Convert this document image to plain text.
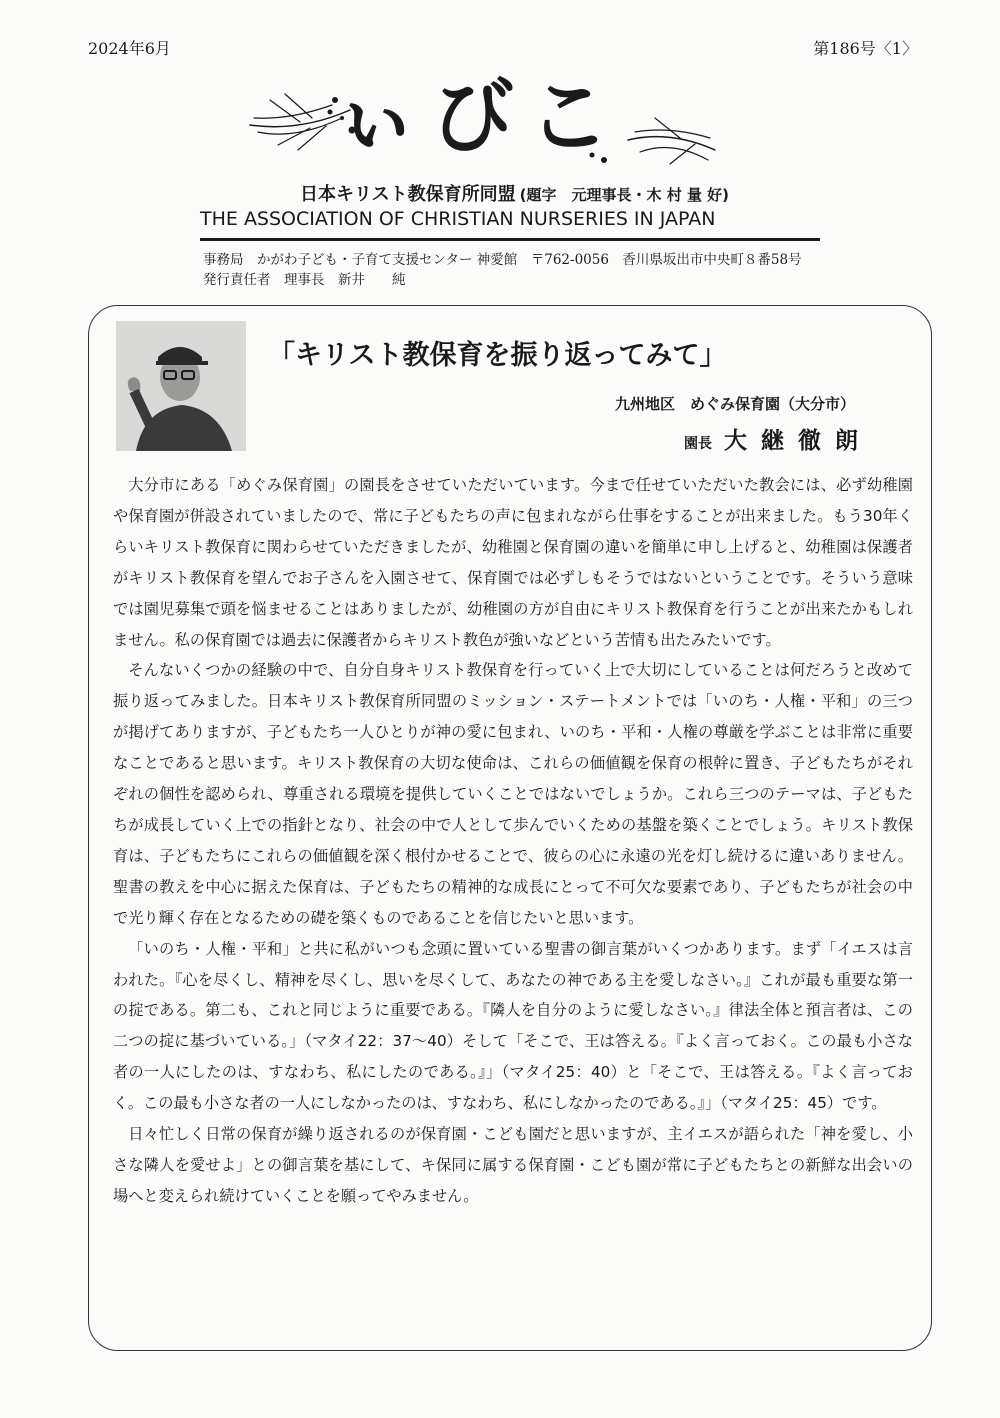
2024年6月	第186号〈1〉
ぃびこ
日本キリスト教保育所同盟 (題字　元理事長・木 村 量 好)
THE ASSOCIATION OF CHRISTIAN NURSERIES IN JAPAN
事務局　かがわ子ども・子育て支援センター 神愛館　〒762-0056　香川県坂出市中央町８番58号
発行責任者　理事長　新井　　純
「キリスト教保育を振り返ってみて」
九州地区　めぐみ保育園（大分市）
園長 大継徹朗

大分市にある「めぐみ保育園」の園長をさせていただいています。今まで任せていただいた教会には、必ず幼稚園や保育園が併設されていましたので、常に子どもたちの声に包まれながら仕事をすることが出来ました。もう30年くらいキリスト教保育に関わらせていただきましたが、幼稚園と保育園の違いを簡単に申し上げると、幼稚園は保護者がキリスト教保育を望んでお子さんを入園させて、保育園では必ずしもそうではないということです。そういう意味では園児募集で頭を悩ませることはありましたが、幼稚園の方が自由にキリスト教保育を行うことが出来たかもしれません。私の保育園では過去に保護者からキリスト教色が強いなどという苦情も出たみたいです。

そんないくつかの経験の中で、自分自身キリスト教保育を行っていく上で大切にしていることは何だろうと改めて振り返ってみました。日本キリスト教保育所同盟のミッション・ステートメントでは「いのち・人権・平和」の三つが掲げてありますが、子どもたち一人ひとりが神の愛に包まれ、いのち・平和・人権の尊厳を学ぶことは非常に重要なことであると思います。キリスト教保育の大切な使命は、これらの価値観を保育の根幹に置き、子どもたちがそれぞれの個性を認められ、尊重される環境を提供していくことではないでしょうか。これら三つのテーマは、子どもたちが成長していく上での指針となり、社会の中で人として歩んでいくための基盤を築くことでしょう。キリスト教保育は、子どもたちにこれらの価値観を深く根付かせることで、彼らの心に永遠の光を灯し続けるに違いありません。聖書の教えを中心に据えた保育は、子どもたちの精神的な成長にとって不可欠な要素であり、子どもたちが社会の中で光り輝く存在となるための礎を築くものであることを信じたいと思います。

「いのち・人権・平和」と共に私がいつも念頭に置いている聖書の御言葉がいくつかあります。まず「イエスは言われた。『心を尽くし、精神を尽くし、思いを尽くして、あなたの神である主を愛しなさい。』これが最も重要な第一の掟である。第二も、これと同じように重要である。『隣人を自分のように愛しなさい。』律法全体と預言者は、この二つの掟に基づいている。」（マタイ22：37〜40）そして「そこで、王は答える。『よく言っておく。この最も小さな者の一人にしたのは、すなわち、私にしたのである。』」（マタイ25：40）と「そこで、王は答える。『よく言っておく。この最も小さな者の一人にしなかったのは、すなわち、私にしなかったのである。』」（マタイ25：45）です。

日々忙しく日常の保育が繰り返されるのが保育園・こども園だと思いますが、主イエスが語られた「神を愛し、小さな隣人を愛せよ」との御言葉を基にして、キ保同に属する保育園・こども園が常に子どもたちとの新鮮な出会いの場へと変えられ続けていくことを願ってやみません。
